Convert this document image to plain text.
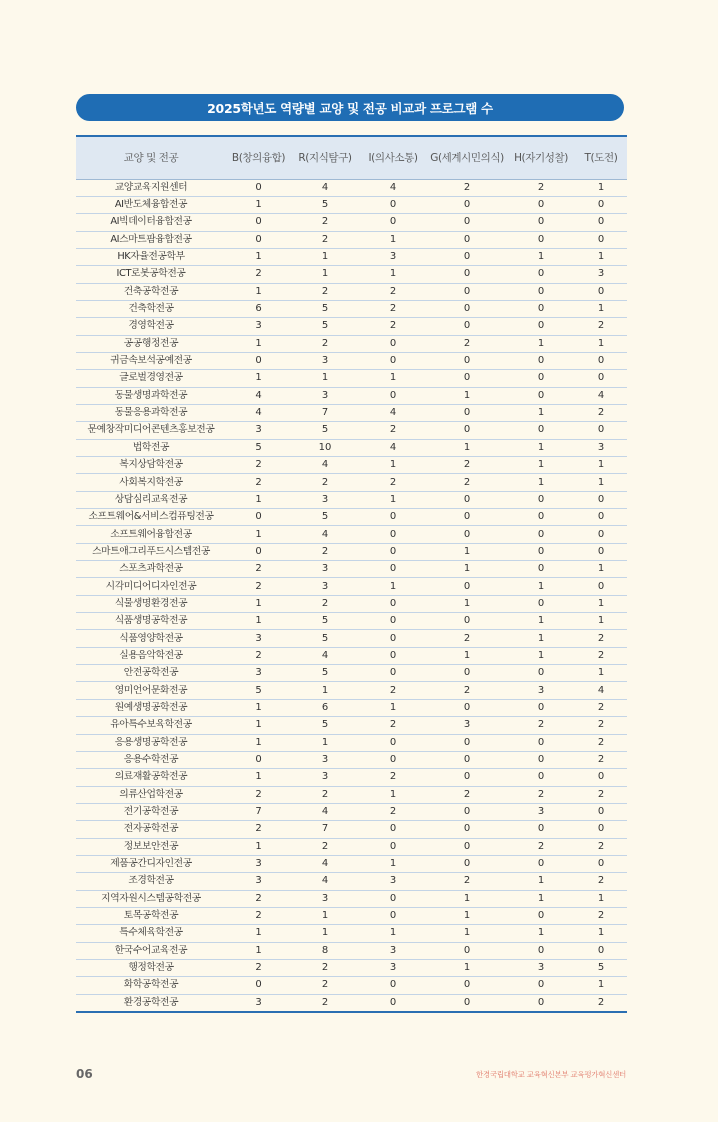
2025학년도 역량별 교양 및 전공 비교과 프로그램 수
교양 및 전공	B(창의융합)	R(지식탐구)	I(의사소통)	G(세계시민의식)	H(자기성찰)	T(도전)
교양교육지원센터	0	4	4	2	2	1
AI반도체융합전공	1	5	0	0	0	0
AI빅데이터융합전공	0	2	0	0	0	0
AI스마트팜융합전공	0	2	1	0	0	0
HK자율전공학부	1	1	3	0	1	1
ICT로봇공학전공	2	1	1	0	0	3
건축공학전공	1	2	2	0	0	0
건축학전공	6	5	2	0	0	1
경영학전공	3	5	2	0	0	2
공공행정전공	1	2	0	2	1	1
귀금속보석공예전공	0	3	0	0	0	0
글로벌경영전공	1	1	1	0	0	0
동물생명과학전공	4	3	0	1	0	4
동물응용과학전공	4	7	4	0	1	2
문예창작미디어콘텐츠홍보전공	3	5	2	0	0	0
법학전공	5	10	4	1	1	3
복지상담학전공	2	4	1	2	1	1
사회복지학전공	2	2	2	2	1	1
상담심리교육전공	1	3	1	0	0	0
소프트웨어&서비스컴퓨팅전공	0	5	0	0	0	0
소프트웨어융합전공	1	4	0	0	0	0
스마트애그리푸드시스템전공	0	2	0	1	0	0
스포츠과학전공	2	3	0	1	0	1
시각미디어디자인전공	2	3	1	0	1	0
식물생명환경전공	1	2	0	1	0	1
식품생명공학전공	1	5	0	0	1	1
식품영양학전공	3	5	0	2	1	2
실용음악학전공	2	4	0	1	1	2
안전공학전공	3	5	0	0	0	1
영미언어문화전공	5	1	2	2	3	4
원예생명공학전공	1	6	1	0	0	2
유아특수보육학전공	1	5	2	3	2	2
응용생명공학전공	1	1	0	0	0	2
응용수학전공	0	3	0	0	0	2
의료재활공학전공	1	3	2	0	0	0
의류산업학전공	2	2	1	2	2	2
전기공학전공	7	4	2	0	3	0
전자공학전공	2	7	0	0	0	0
정보보안전공	1	2	0	0	2	2
제품공간디자인전공	3	4	1	0	0	0
조경학전공	3	4	3	2	1	2
지역자원시스템공학전공	2	3	0	1	1	1
토목공학전공	2	1	0	1	0	2
특수체육학전공	1	1	1	1	1	1
한국수어교육전공	1	8	3	0	0	0
행정학전공	2	2	3	1	3	5
화학공학전공	0	2	0	0	0	1
환경공학전공	3	2	0	0	0	2
06	한경국립대학교 교육혁신본부 교육평가혁신센터
